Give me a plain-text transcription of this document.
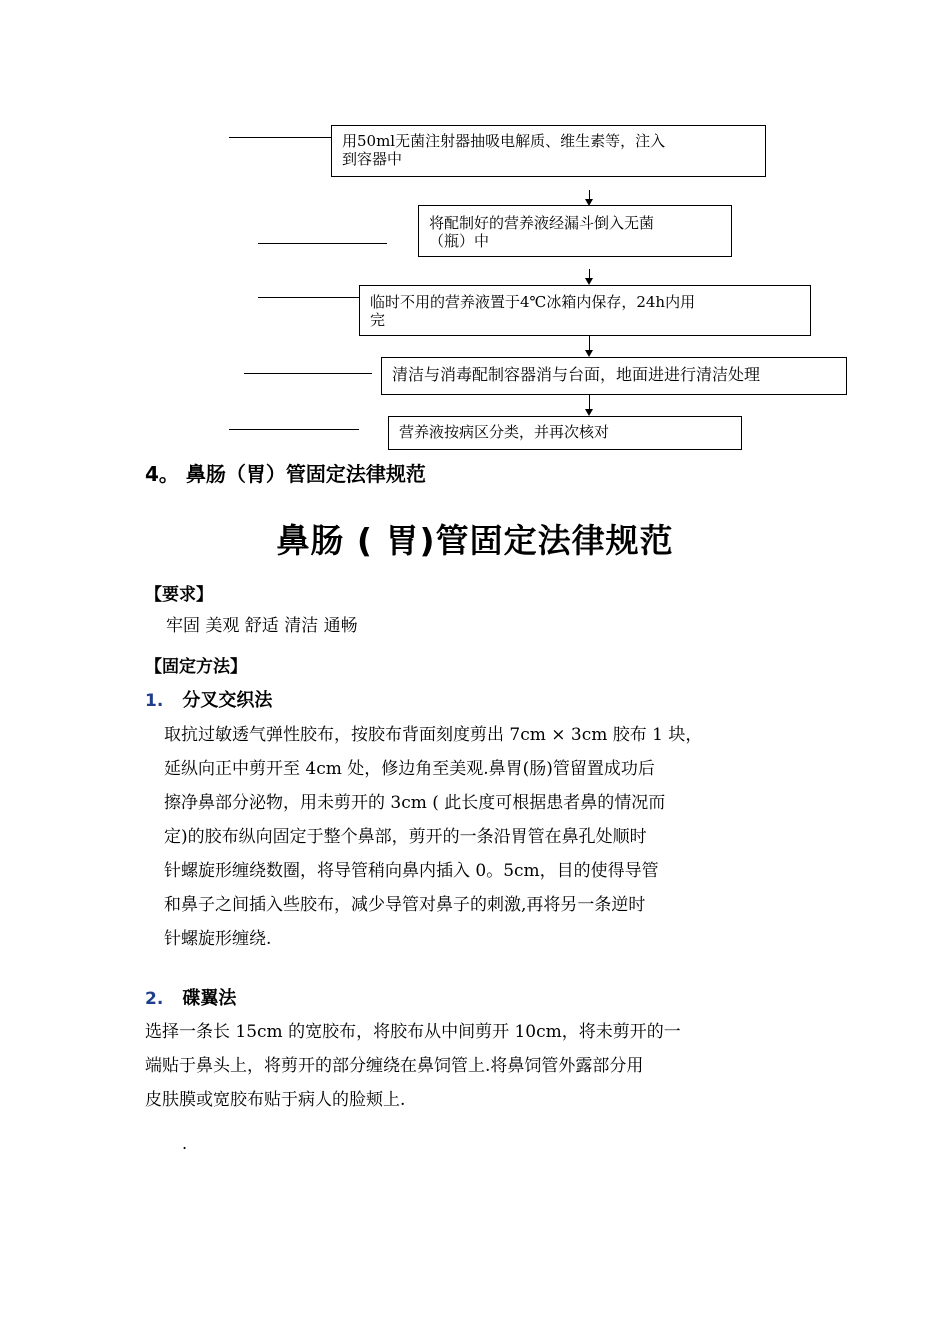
用50ml无菌注射器抽吸电解质、维生素等，注入
到容器中
将配制好的营养液经漏斗倒入无菌
（瓶）中
临时不用的营养液置于4℃冰箱内保存，24h内用
完
清洁与消毒配制容器消与台面，地面进进行清洁处理
营养液按病区分类，并再次核对
4。 鼻肠（胃）管固定法律规范
鼻肠 ( 胃)管固定法律规范
【要求】
牢固 美观 舒适 清洁 通畅
【固定方法】
1. 分叉交织法
取抗过敏透气弹性胶布，按胶布背面刻度剪出 7cm × 3cm 胶布 1 块，
延纵向正中剪开至 4cm 处，修边角至美观.鼻胃(肠)管留置成功后
擦净鼻部分泌物，用未剪开的 3cm ( 此长度可根据患者鼻的情况而
定)的胶布纵向固定于整个鼻部，剪开的一条沿胃管在鼻孔处顺时
针螺旋形缠绕数圈，将导管稍向鼻内插入 0。5cm，目的使得导管
和鼻子之间插入些胶布，减少导管对鼻子的刺激,再将另一条逆时
针螺旋形缠绕.
2. 碟翼法
选择一条长 15cm 的宽胶布，将胶布从中间剪开 10cm，将未剪开的一
端贴于鼻头上，将剪开的部分缠绕在鼻饲管上.将鼻饲管外露部分用
皮肤膜或宽胶布贴于病人的脸颊上.
.
